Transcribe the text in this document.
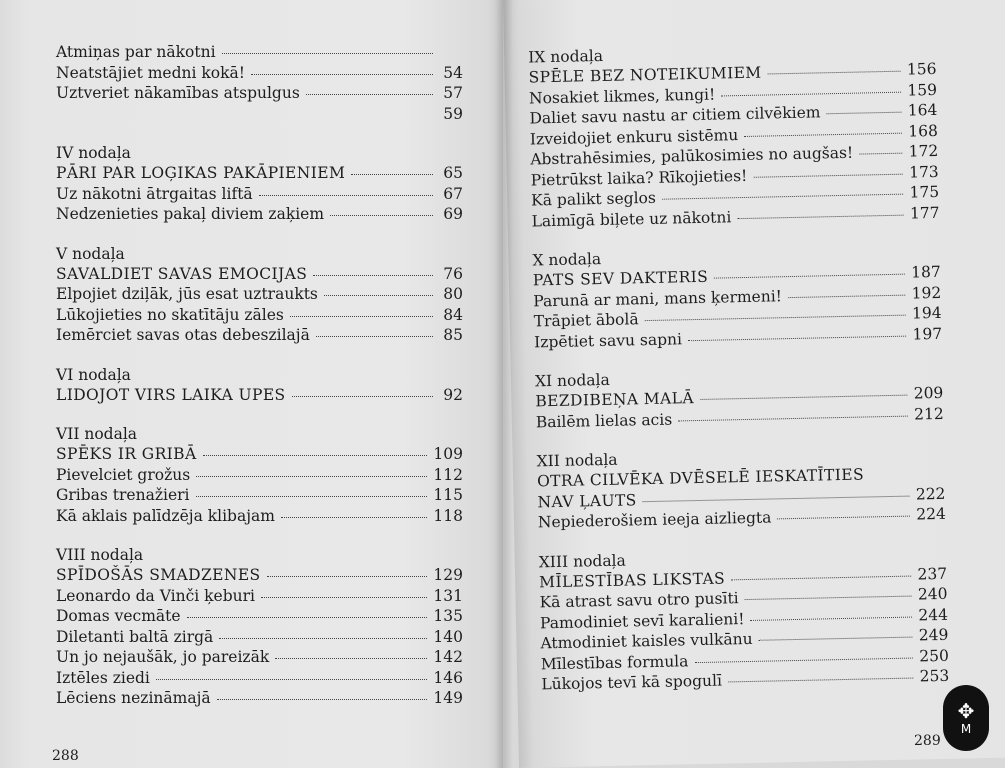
Atmiņas par nākotni
Neatstājiet medni kokā!	54
Uztveriet nākamības atspulgus	57
59
IV nodaļa
PĀRI PAR LOĢIKAS PAKĀPIENIEM	65
Uz nākotni ātrgaitas liftā	67
Nedzenieties pakaļ diviem zaķiem	69
V nodaļa
SAVALDIET SAVAS EMOCIJAS	76
Elpojiet dziļāk, jūs esat uztraukts	80
Lūkojieties no skatītāju zāles	84
Iemērciet savas otas debeszilajā	85
VI nodaļa
LIDOJOT VIRS LAIKA UPES	92
VII nodaļa
SPĒKS IR GRIBĀ	109
Pievelciet grožus	112
Gribas trenažieri	115
Kā aklais palīdzēja klibajam	118
VIII nodaļa
SPĪDOŠĀS SMADZENES	129
Leonardo da Vinči ķeburi	131
Domas vecmāte	135
Diletanti baltā zirgā	140
Un jo nejaušāk, jo pareizāk	142
Iztēles ziedi	146
Lēciens nezināmajā	149
IX nodaļa
SPĒLE BEZ NOTEIKUMIEM	156
Nosakiet likmes, kungi!	159
Daliet savu nastu ar citiem cilvēkiem	164
Izveidojiet enkuru sistēmu	168
Abstrahēsimies, palūkosimies no augšas!	172
Pietrūkst laika? Rīkojieties!	173
Kā palikt seglos	175
Laimīgā biļete uz nākotni	177
X nodaļa
PATS SEV DAKTERIS	187
Parunā ar mani, mans ķermeni!	192
Trāpiet ābolā	194
Izpētiet savu sapni	197
XI nodaļa
BEZDIBEŅA MALĀ	209
Bailēm lielas acis	212
XII nodaļa
OTRA CILVĒKA DVĒSELĒ IESKATĪTIES
NAV ĻAUTS	222
Nepiederošiem ieeja aizliegta	224
XIII nodaļa
MĪLESTĪBAS LIKSTAS	237
Kā atrast savu otro pusīti	240
Pamodiniet sevī karalieni!	244
Atmodiniet kaisles vulkānu	249
Mīlestības formula	250
Lūkojos tevī kā spogulī	253
288
289
✥
M
